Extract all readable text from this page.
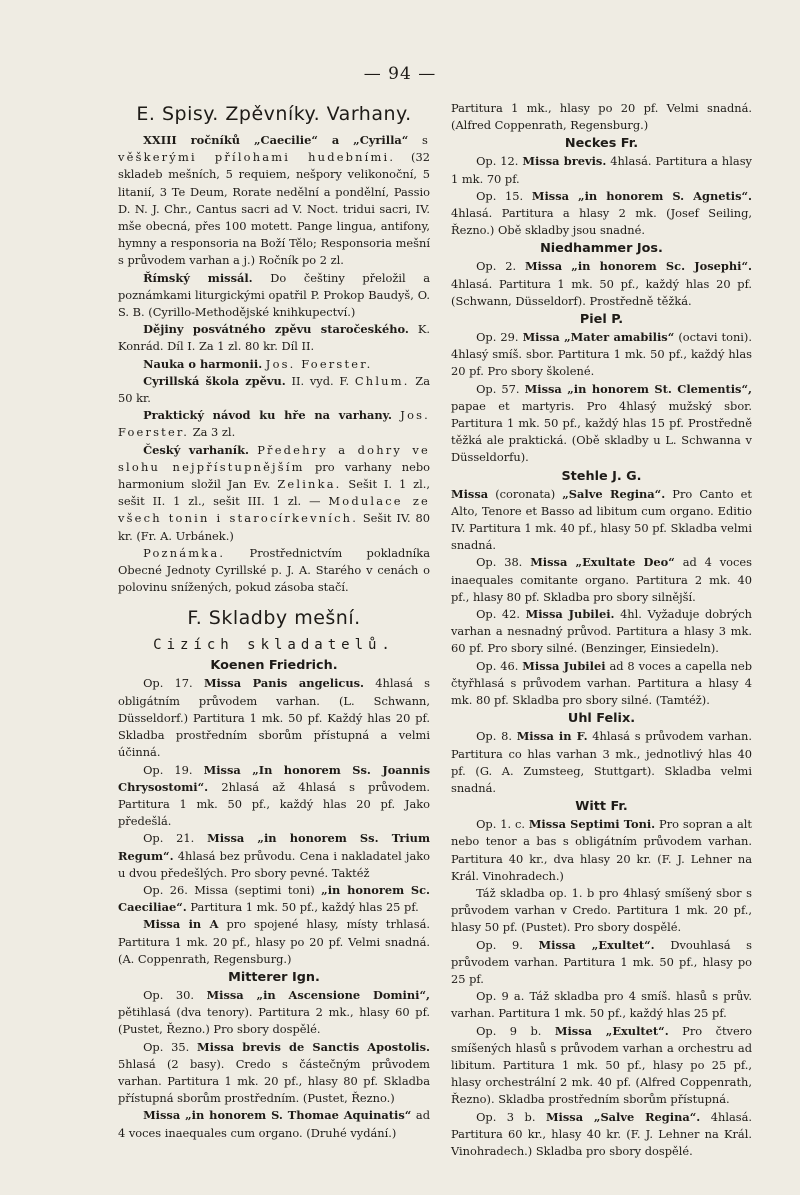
— 94 —
E. Spisy. Zpěvníky. Varhany.

XXIII ročníků „Caecilie“ a „Cyrilla“ s věškerými přílohami hudebními. (32 skladeb mešních, 5 requiem, nešpory velikonoční, 5 litanií, 3 Te Deum, Rorate nedělní a pondělní, Passio D. N. J. Chr., Cantus sacri ad V. Noct. tridui sacri, IV. mše obecná, přes 100 motett. Pange lingua, antifony, hymny a responsoria na Boží Tělo; Responsoria mešní s průvodem varhan a j.) Ročník po 2 zl.

Římský missál. Do češtiny přeložil a poznámkami liturgickými opatřil P. Prokop Baudyš, O. S. B. (Cyrillo-Methodějské knihkupectví.)

Dějiny posvátného zpěvu staročeského. K. Konrád. Díl I. Za 1 zl. 80 kr. Díl II.

Nauka o harmonii. Jos. Foerster.

Cyrillská škola zpěvu. II. vyd. F. Chlum. Za 50 kr.

Praktický návod ku hře na varhany. Jos. Foerster. Za 3 zl.

Český varhaník. Předehry a dohry ve slohu nejpřístupnějším pro varhany nebo harmonium složil Jan Ev. Zelinka. Sešit I. 1 zl., sešit II. 1 zl., sešit III. 1 zl. — Modulace ze všech tonin i starocírkevních. Sešit IV. 80 kr. (Fr. A. Urbánek.)

Poznámka. Prostřednictvím pokladníka Obecné Jednoty Cyrillské p. J. A. Starého v cenách o polovinu snížených, pokud zásoba stačí.

F. Skladby mešní.
Cizích skladatelů.
Koenen Friedrich.

Op. 17. Missa Panis angelicus. 4hlasá s obligátním průvodem varhan. (L. Schwann, Düsseldorf.) Partitura 1 mk. 50 pf. Každý hlas 20 pf. Skladba prostředním sborům přístupná a velmi účinná.

Op. 19. Missa „In honorem Ss. Joannis Chrysostomi“. 2hlasá až 4hlasá s průvodem. Partitura 1 mk. 50 pf., každý hlas 20 pf. Jako předešlá.

Op. 21. Missa „in honorem Ss. Trium Regum“. 4hlasá bez průvodu. Cena i nakladatel jako u dvou předešlých. Pro sbory pevné. Taktéž

Op. 26. Missa (septimi toni) „in honorem Sc. Caeciliae“. Partitura 1 mk. 50 pf., každý hlas 25 pf.

Missa in A pro spojené hlasy, místy trhlasá. Partitura 1 mk. 20 pf., hlasy po 20 pf. Velmi snadná. (A. Coppenrath, Regensburg.)

Mitterer Ign.

Op. 30. Missa „in Ascensione Domini“, pětihlasá (dva tenory). Partitura 2 mk., hlasy 60 pf. (Pustet, Řezno.) Pro sbory dospělé.

Op. 35. Missa brevis de Sanctis Apostolis. 5hlasá (2 basy). Credo s částečným průvodem varhan. Partitura 1 mk. 20 pf., hlasy 80 pf. Skladba přístupná sborům prostředním. (Pustet, Řezno.)

Missa „in honorem S. Thomae Aquinatis“ ad 4 voces inaequales cum organo. (Druhé vydání.)

Partitura 1 mk., hlasy po 20 pf. Velmi snadná. (Alfred Coppenrath, Regensburg.)

Neckes Fr.

Op. 12. Missa brevis. 4hlasá. Partitura a hlasy 1 mk. 70 pf.

Op. 15. Missa „in honorem S. Agnetis“. 4hlasá. Partitura a hlasy 2 mk. (Josef Seiling, Řezno.) Obě skladby jsou snadné.

Niedhammer Jos.

Op. 2. Missa „in honorem Sc. Josephi“. 4hlasá. Partitura 1 mk. 50 pf., každý hlas 20 pf. (Schwann, Düsseldorf). Prostředně těžká.

Piel P.

Op. 29. Missa „Mater amabilis“ (octavi toni). 4hlasý smíš. sbor. Partitura 1 mk. 50 pf., každý hlas 20 pf. Pro sbory školené.

Op. 57. Missa „in honorem St. Clementis“, papae et martyris. Pro 4hlasý mužský sbor. Partitura 1 mk. 50 pf., každý hlas 15 pf. Prostředně těžká ale praktická. (Obě skladby u L. Schwanna v Düsseldorfu).

Stehle J. G.

Missa (coronata) „Salve Regina“. Pro Canto et Alto, Tenore et Basso ad libitum cum organo. Editio IV. Partitura 1 mk. 40 pf., hlasy 50 pf. Skladba velmi snadná.

Op. 38. Missa „Exultate Deo“ ad 4 voces inaequales comitante organo. Partitura 2 mk. 40 pf., hlasy 80 pf. Skladba pro sbory silnější.

Op. 42. Missa Jubilei. 4hl. Vyžaduje dobrých varhan a nesnadný průvod. Partitura a hlasy 3 mk. 60 pf. Pro sbory silné. (Benzinger, Einsiedeln).

Op. 46. Missa Jubilei ad 8 voces a capella neb čtyřhlasá s průvodem varhan. Partitura a hlasy 4 mk. 80 pf. Skladba pro sbory silné. (Tamtéž).

Uhl Felix.

Op. 8. Missa in F. 4hlasá s průvodem varhan. Partitura co hlas varhan 3 mk., jednotlivý hlas 40 pf. (G. A. Zumsteeg, Stuttgart). Skladba velmi snadná.

Witt Fr.

Op. 1. c. Missa Septimi Toni. Pro sopran a alt nebo tenor a bas s obligátním průvodem varhan. Partitura 40 kr., dva hlasy 20 kr. (F. J. Lehner na Král. Vinohradech.)

Táž skladba op. 1. b pro 4hlasý smíšený sbor s průvodem varhan v Credo. Partitura 1 mk. 20 pf., hlasy 50 pf. (Pustet). Pro sbory dospělé.

Op. 9. Missa „Exultet“. Dvouhlasá s průvodem varhan. Partitura 1 mk. 50 pf., hlasy po 25 pf.

Op. 9 a. Táž skladba pro 4 smíš. hlasů s prův. varhan. Partitura 1 mk. 50 pf., každý hlas 25 pf.

Op. 9 b. Missa „Exultet“. Pro čtvero smíšených hlasů s průvodem varhan a orchestru ad libitum. Partitura 1 mk. 50 pf., hlasy po 25 pf., hlasy orchestrální 2 mk. 40 pf. (Alfred Coppenrath, Řezno). Skladba prostředním sborům přístupná.

Op. 3 b. Missa „Salve Regina“. 4hlasá. Partitura 60 kr., hlasy 40 kr. (F. J. Lehner na Král. Vinohradech.) Skladba pro sbory dospělé.
